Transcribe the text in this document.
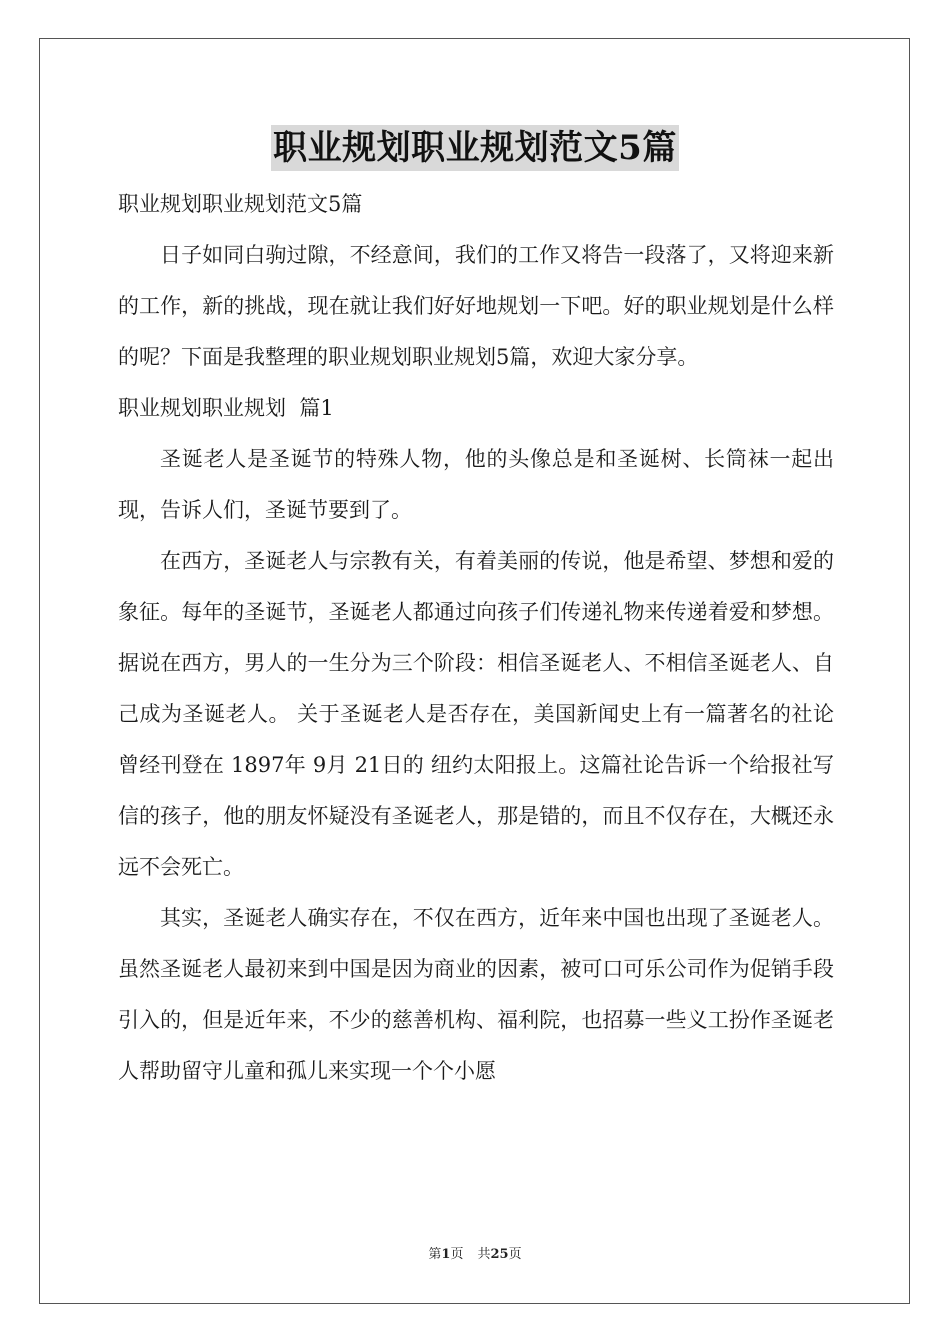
职业规划职业规划范文5篇

职业规划职业规划范文5篇

日子如同白驹过隙，不经意间，我们的工作又将告一段落了，又将迎来新的工作，新的挑战，现在就让我们好好地规划一下吧。好的职业规划是什么样的呢？下面是我整理的职业规划职业规划5篇，欢迎大家分享。

职业规划职业规划  篇1

圣诞老人是圣诞节的特殊人物，他的头像总是和圣诞树、长筒袜一起出现，告诉人们，圣诞节要到了。

在西方，圣诞老人与宗教有关，有着美丽的传说，他是希望、梦想和爱的象征。每年的圣诞节，圣诞老人都通过向孩子们传递礼物来传递着爱和梦想。 据说在西方，男人的一生分为三个阶段：相信圣诞老人、不相信圣诞老人、自己成为圣诞老人。 关于圣诞老人是否存在，美国新闻史上有一篇著名的社论曾经刊登在 1897年 9月 21日的 纽约太阳报上。这篇社论告诉一个给报社写信的孩子，他的朋友怀疑没有圣诞老人，那是错的，而且不仅存在，大概还永远不会死亡。

其实，圣诞老人确实存在，不仅在西方，近年来中国也出现了圣诞老人。虽然圣诞老人最初来到中国是因为商业的因素，被可口可乐公司作为促销手段引入的，但是近年来，不少的慈善机构、福利院，也招募一些义工扮作圣诞老人帮助留守儿童和孤儿来实现一个个小愿

第1页 共25页
